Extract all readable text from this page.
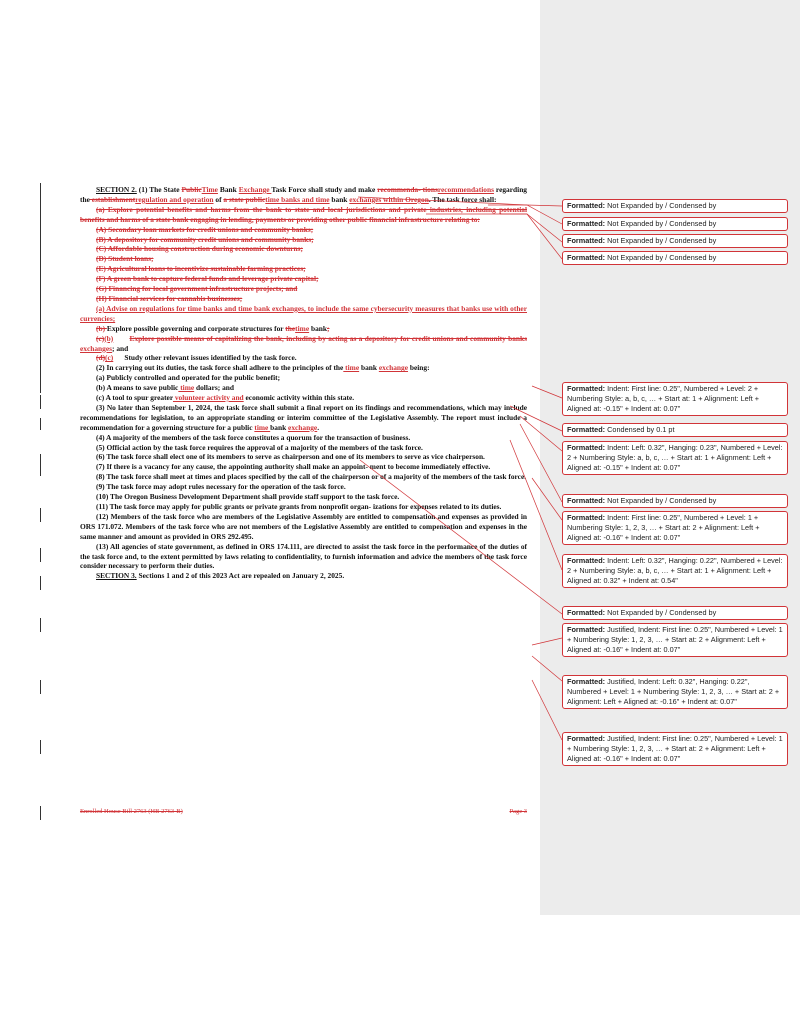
SECTION 2. (1) The State PublicTime Bank Exchange Task Force shall study and make recommenda- tionsrecommendations regarding the establishmentregulation and operation of a state publictime banks and time bank exchanges within Oregon. The task force shall:

(a) Explore potential benefits and harms from the bank to state and local jurisdictions and private industries, including potential benefits and harms of a state bank engaging in lending, payments or providing other public financial infrastructure relating to:

(A) Secondary loan markets for credit unions and community banks;

(B) A depository for community credit unions and community banks;

(C) Affordable housing construction during economic downturns;

(D) Student loans;

(E) Agricultural loans to incentivize sustainable farming practices;

(F) A green bank to capture federal funds and leverage private capital;

(G) Financing for local government infrastructure projects; and

(H) Financial services for cannabis businesses;

(a) Advise on regulations for time banks and time bank exchanges, to include the same cybersecurity measures that banks use with other currencies;

(b) Explore possible governing and corporate structures for thetime bank;

(c)(b) Explore possible means of capitalizing the bank, including by acting as a depository for credit unions and community banks exchanges; and

(d)(c) Study other relevant issues identified by the task force.

(2) In carrying out its duties, the task force shall adhere to the principles of the time bank exchange being:

(a) Publicly controlled and operated for the public benefit;

(b) A means to save public time dollars; and

(c) A tool to spur greater volunteer activity and economic activity within this state.

(3) No later than September 1, 2024, the task force shall submit a final report on its findings and recommendations, which may include recommendations for legislation, to an appropriate standing or interim committee of the Legislative Assembly. The report must include a recommendation for a governing structure for a public time bank exchange.

(4) A majority of the members of the task force constitutes a quorum for the transaction of business.

(5) Official action by the task force requires the approval of a majority of the members of the task force.

(6) The task force shall elect one of its members to serve as chairperson and one of its members to serve as vice chairperson.

(7) If there is a vacancy for any cause, the appointing authority shall make an appoint- ment to become immediately effective.

(8) The task force shall meet at times and places specified by the call of the chairperson or of a majority of the members of the task force.

(9) The task force may adopt rules necessary for the operation of the task force.

(10) The Oregon Business Development Department shall provide staff support to the task force.

(11) The task force may apply for public grants or private grants from nonprofit organ- izations for expenses related to its duties.

(12) Members of the task force who are members of the Legislative Assembly are entitled to compensation and expenses as provided in ORS 171.072. Members of the task force who are not members of the Legislative Assembly are entitled to compensation and expenses in the same manner and amount as provided in ORS 292.495.

(13) All agencies of state government, as defined in ORS 174.111, are directed to assist the task force in the performance of the duties of the task force and, to the extent permitted by laws relating to confidentiality, to furnish information and advice the members of the task force consider necessary to perform their duties.

SECTION 3. Sections 1 and 2 of this 2023 Act are repealed on January 2, 2025.

Enrolled House Bill 2763 (HB 2763-B)	Page 3
Formatted: Not Expanded by / Condensed by
Formatted: Not Expanded by / Condensed by
Formatted: Not Expanded by / Condensed by
Formatted: Not Expanded by / Condensed by
Formatted: Indent: First line: 0.25", Numbered + Level: 2 + Numbering Style: a, b, c, … + Start at: 1 + Alignment: Left + Aligned at: -0.15" + Indent at: 0.07"
Formatted: Condensed by 0.1 pt
Formatted: Indent: Left: 0.32", Hanging: 0.23", Numbered + Level: 2 + Numbering Style: a, b, c, … + Start at: 1 + Alignment: Left + Aligned at: -0.15" + Indent at: 0.07"
Formatted: Not Expanded by / Condensed by
Formatted: Indent: First line: 0.25", Numbered + Level: 1 + Numbering Style: 1, 2, 3, … + Start at: 2 + Alignment: Left + Aligned at: -0.16" + Indent at: 0.07"
Formatted: Indent: Left: 0.32", Hanging: 0.22", Numbered + Level: 2 + Numbering Style: a, b, c, … + Start at: 1 + Alignment: Left + Aligned at: 0.32" + Indent at: 0.54"
Formatted: Not Expanded by / Condensed by
Formatted: Justified, Indent: First line: 0.25", Numbered + Level: 1 + Numbering Style: 1, 2, 3, … + Start at: 2 + Alignment: Left + Aligned at: -0.16" + Indent at: 0.07"
Formatted: Justified, Indent: Left: 0.32", Hanging: 0.22", Numbered + Level: 1 + Numbering Style: 1, 2, 3, … + Start at: 2 + Alignment: Left + Aligned at: -0.16" + Indent at: 0.07"
Formatted: Justified, Indent: First line: 0.25", Numbered + Level: 1 + Numbering Style: 1, 2, 3, … + Start at: 2 + Alignment: Left + Aligned at: -0.16" + Indent at: 0.07"
